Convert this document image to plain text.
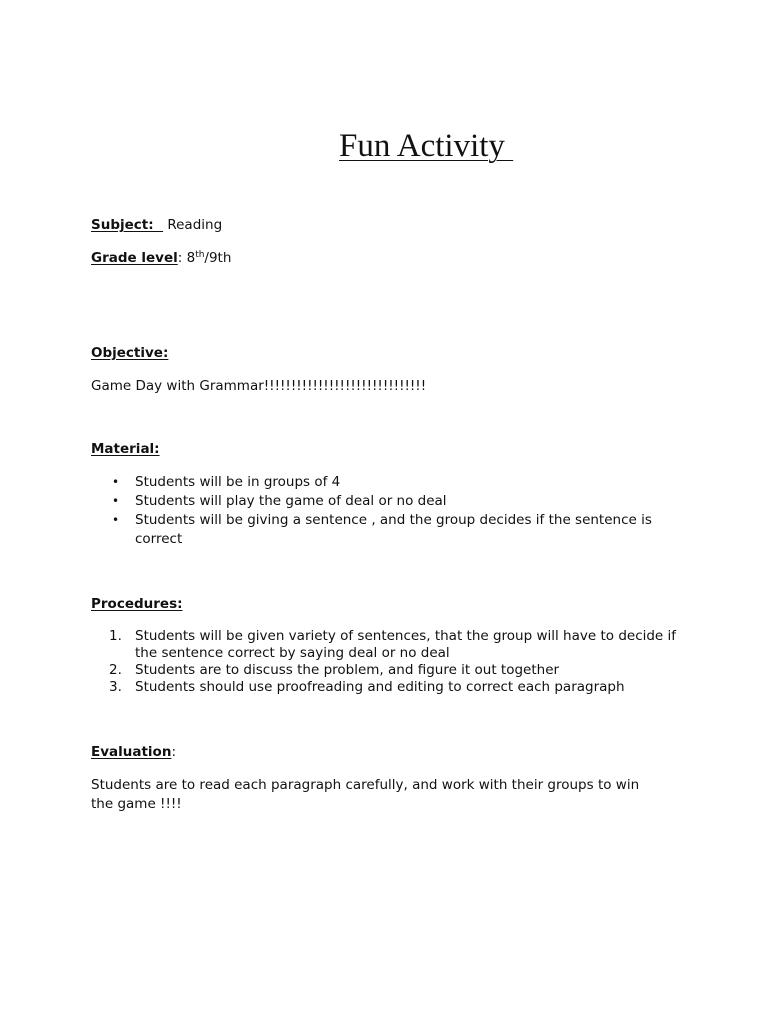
Fun Activity
Subject:   Reading
Grade level: 8th/9th
Objective:
Game Day with Grammar!!!!!!!!!!!!!!!!!!!!!!!!!!!!!!
Material:
• Students will be in groups of 4
• Students will play the game of deal or no deal
• Students will be giving a sentence , and the group decides if the sentence is correct
Procedures:
1. Students will be given variety of sentences, that the group will have to decide if the sentence correct by saying deal or no deal
2. Students are to discuss the problem, and figure it out together
3. Students should use proofreading and editing to correct each paragraph
Evaluation:
Students are to read each paragraph carefully, and work with their groups to win the game !!!!
